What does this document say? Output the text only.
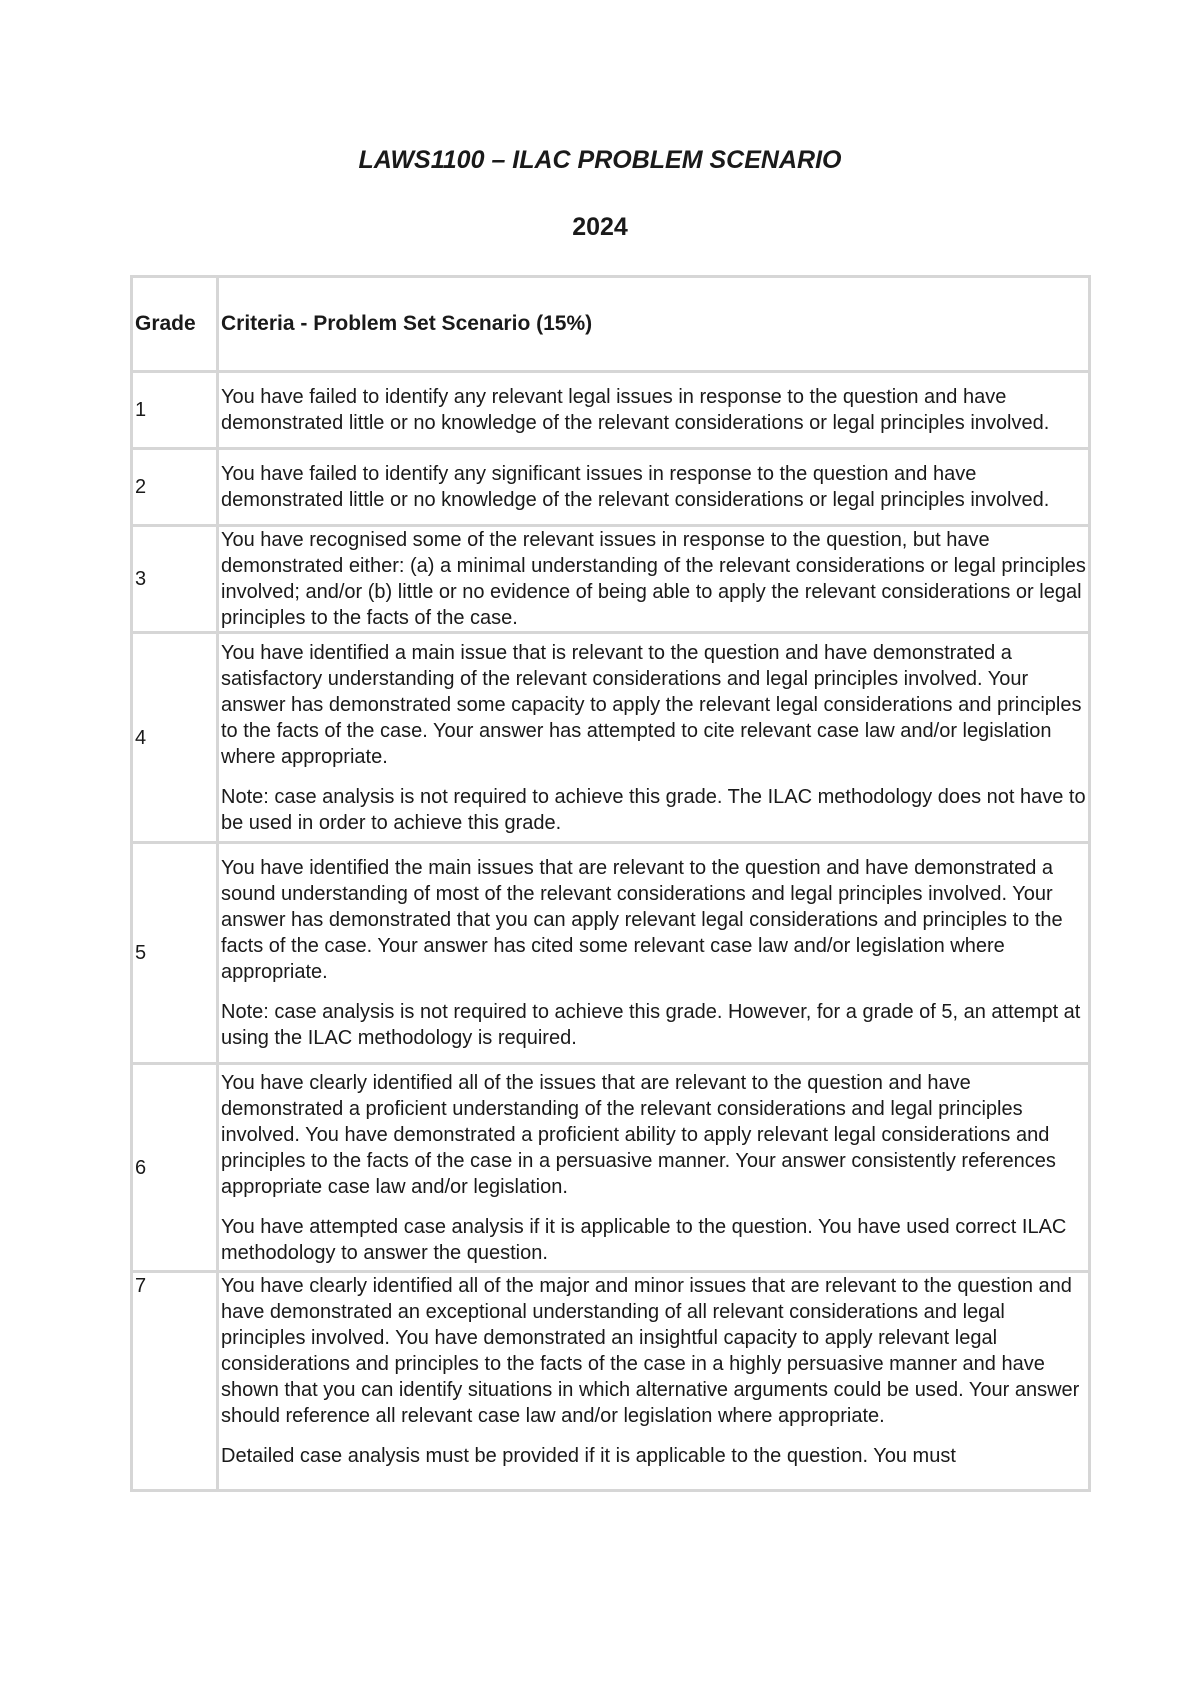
LAWS1100 – ILAC PROBLEM SCENARIO
2024
Grade	Criteria - Problem Set Scenario (15%)
1	You have failed to identify any relevant legal issues in response to the question and have demonstrated little or no knowledge of the relevant considerations or legal principles involved.

2	You have failed to identify any significant issues in response to the question and have demonstrated little or no knowledge of the relevant considerations or legal principles involved.

3	You have recognised some of the relevant issues in response to the question, but have demonstrated either: (a) a minimal understanding of the relevant considerations or legal principles involved; and/or (b) little or no evidence of being able to apply the relevant considerations or legal principles to the facts of the case.

4	You have identified a main issue that is relevant to the question and have demonstrated a satisfactory understanding of the relevant considerations and legal principles involved. Your answer has demonstrated some capacity to apply the relevant legal considerations and principles to the facts of the case. Your answer has attempted to cite relevant case law and/or legislation where appropriate.

Note: case analysis is not required to achieve this grade. The ILAC methodology does not have to be used in order to achieve this grade.

5	You have identified the main issues that are relevant to the question and have demonstrated a sound understanding of most of the relevant considerations and legal principles involved. Your answer has demonstrated that you can apply relevant legal considerations and principles to the facts of the case. Your answer has cited some relevant case law and/or legislation where appropriate.

Note: case analysis is not required to achieve this grade. However, for a grade of 5, an attempt at using the ILAC methodology is required.

6	You have clearly identified all of the issues that are relevant to the question and have demonstrated a proficient understanding of the relevant considerations and legal principles involved. You have demonstrated a proficient ability to apply relevant legal considerations and principles to the facts of the case in a persuasive manner. Your answer consistently references appropriate case law and/or legislation.

You have attempted case analysis if it is applicable to the question. You have used correct ILAC methodology to answer the question.

7	You have clearly identified all of the major and minor issues that are relevant to the question and have demonstrated an exceptional understanding of all relevant considerations and legal principles involved. You have demonstrated an insightful capacity to apply relevant legal considerations and principles to the facts of the case in a highly persuasive manner and have shown that you can identify situations in which alternative arguments could be used. Your answer should reference all relevant case law and/or legislation where appropriate.

Detailed case analysis must be provided if it is applicable to the question. You must
